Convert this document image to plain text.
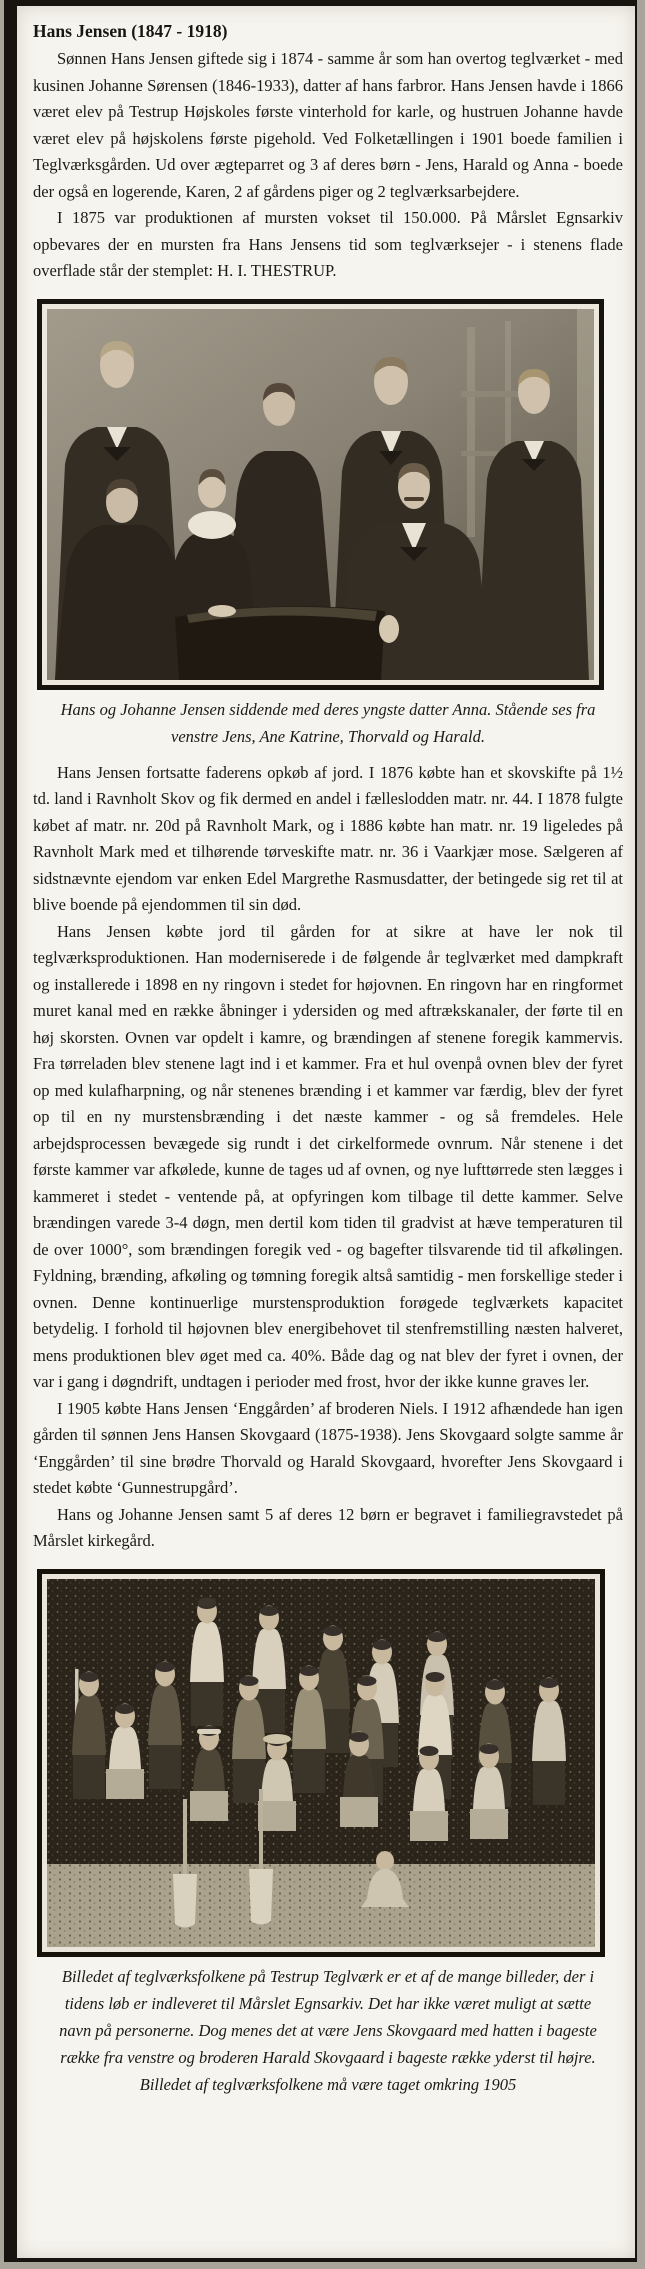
Hans Jensen (1847 - 1918)

Sønnen Hans Jensen giftede sig i 1874 - samme år som han overtog teglværket - med kusinen Johanne Sørensen (1846-1933), datter af hans farbror. Hans Jensen havde i 1866 været elev på Testrup Højskoles første vinterhold for karle, og hustruen Johanne havde været elev på højskolens første pigehold. Ved Folketællingen i 1901 boede familien i Teglværksgården. Ud over ægteparret og 3 af deres børn - Jens, Harald og Anna - boede der også en logerende, Karen, 2 af gårdens piger og 2 teglværksarbejdere.

I 1875 var produktionen af mursten vokset til 150.000. På Mårslet Egnsarkiv opbevares der en mursten fra Hans Jensens tid som teglværksejer - i stenens flade overflade står der stemplet: H. I. THESTRUP.

Hans og Johanne Jensen siddende med deres yngste datter Anna. Stående ses fra venstre Jens, Ane Katrine, Thorvald og Harald.

Hans Jensen fortsatte faderens opkøb af jord. I 1876 købte han et skovskifte på 1½ td. land i Ravnholt Skov og fik dermed en andel i fælleslodden matr. nr. 44. I 1878 fulgte købet af matr. nr. 20d på Ravnholt Mark, og i 1886 købte han matr. nr. 19 ligeledes på Ravnholt Mark med et tilhørende tørveskifte matr. nr. 36 i Vaarkjær mose. Sælgeren af sidstnævnte ejendom var enken Edel Margrethe Rasmusdatter, der betingede sig ret til at blive boende på ejendommen til sin død.

Hans Jensen købte jord til gården for at sikre at have ler nok til teglværksproduktionen. Han moderniserede i de følgende år teglværket med dampkraft og installerede i 1898 en ny ringovn i stedet for højovnen. En ringovn har en ringformet muret kanal med en række åbninger i ydersiden og med aftrækskanaler, der førte til en høj skorsten. Ovnen var opdelt i kamre, og brændingen af stenene foregik kammervis. Fra tørreladen blev stenene lagt ind i et kammer. Fra et hul ovenpå ovnen blev der fyret op med kulafharpning, og når stenenes brænding i et kammer var færdig, blev der fyret op til en ny murstensbrænding i det næste kammer - og så fremdeles. Hele arbejdsprocessen bevægede sig rundt i det cirkelformede ovnrum. Når stenene i det første kammer var afkølede, kunne de tages ud af ovnen, og nye lufttørrede sten lægges i kammeret i stedet - ventende på, at opfyringen kom tilbage til dette kammer. Selve brændingen varede 3-4 døgn, men dertil kom tiden til gradvist at hæve temperaturen til de over 1000°, som brændingen foregik ved - og bagefter tilsvarende tid til afkølingen. Fyldning, brænding, afkøling og tømning foregik altså samtidig - men forskellige steder i ovnen. Denne kontinuerlige murstensproduktion forøgede teglværkets kapacitet betydelig. I forhold til højovnen blev energibehovet til stenfremstilling næsten halveret, mens produktionen blev øget med ca. 40%. Både dag og nat blev der fyret i ovnen, der var i gang i døgndrift, undtagen i perioder med frost, hvor der ikke kunne graves ler.

I 1905 købte Hans Jensen ‘Enggården’ af broderen Niels. I 1912 afhændede han igen gården til sønnen Jens Hansen Skovgaard (1875-1938). Jens Skovgaard solgte samme år ‘Enggården’ til sine brødre Thorvald og Harald Skovgaard, hvorefter Jens Skovgaard i stedet købte ‘Gunnestrupgård’.

Hans og Johanne Jensen samt 5 af deres 12 børn er begravet i familiegravstedet på Mårslet kirkegård.

Billedet af teglværksfolkene på Testrup Teglværk er et af de mange billeder, der i tidens løb er indleveret til Mårslet Egnsarkiv. Det har ikke været muligt at sætte navn på personerne. Dog menes det at være Jens Skovgaard med hatten i bageste række fra venstre og broderen Harald Skovgaard i bageste række yderst til højre. Billedet af teglværksfolkene må være taget omkring 1905
